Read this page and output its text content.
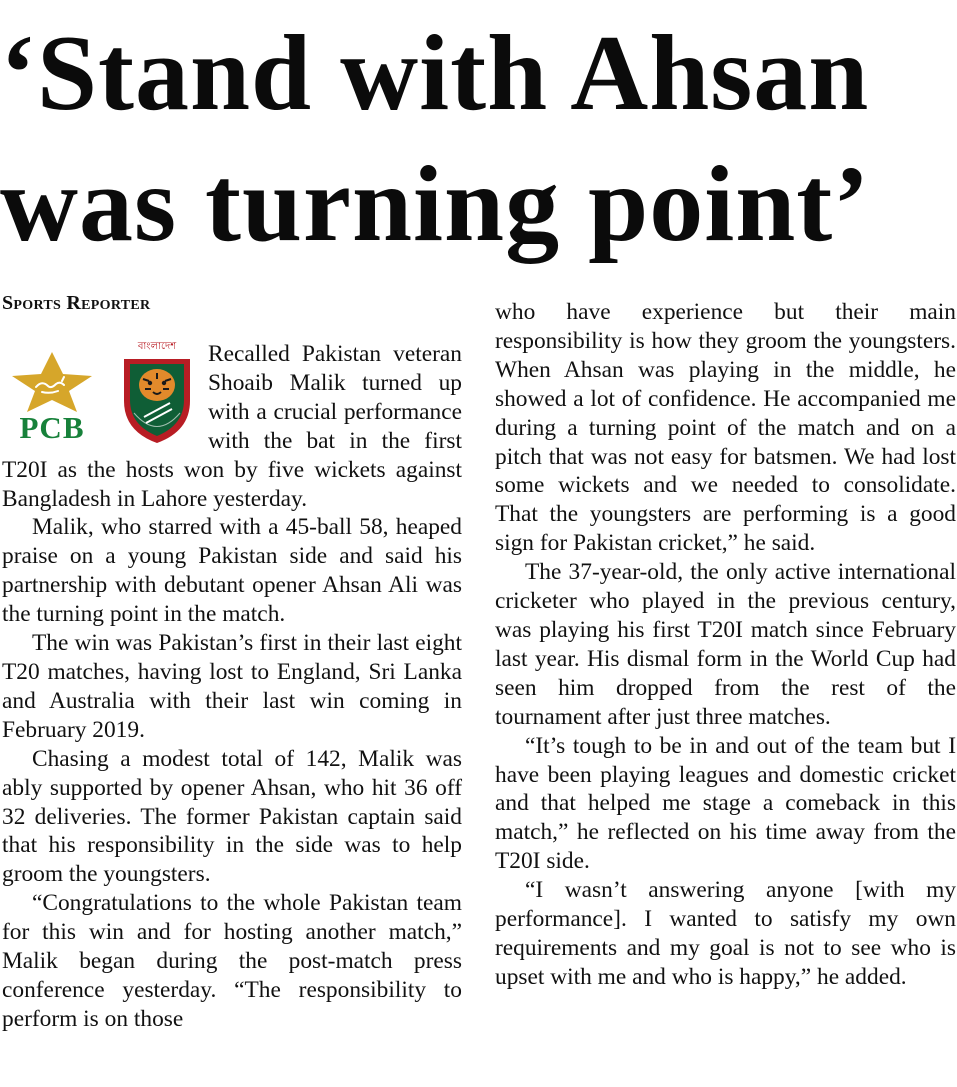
‘Stand with Ahsan
was turning point’
Sports Reporter
PCB
বাংলাদেশ	Recalled Pakistan veteran Shoaib Malik turned up with a crucial performance with the bat in the first T20I as the hosts won by five wickets against Bangladesh in Lahore yesterday.

Malik, who starred with a 45-ball 58, heaped praise on a young Pakistan side and said his partnership with debutant opener Ahsan Ali was the turning point in the match.

The win was Pakistan’s first in their last eight T20 matches, having lost to England, Sri Lanka and Australia with their last win coming in February 2019.

Chasing a modest total of 142, Malik was ably supported by opener Ahsan, who hit 36 off 32 deliveries. The former Pakistan captain said that his responsibility in the side was to help groom the youngsters.

“Congratulations to the whole Pakistan team for this win and for hosting another match,” Malik began during the post-match press conference yesterday. “The responsibility to perform is on those

who have experience but their main responsibility is how they groom the youngsters. When Ahsan was playing in the middle, he showed a lot of confidence. He accompanied me during a turning point of the match and on a pitch that was not easy for batsmen. We had lost some wickets and we needed to consolidate. That the youngsters are performing is a good sign for Pakistan cricket,” he said.

The 37-year-old, the only active international cricketer who played in the previous century, was playing his first T20I match since February last year. His dismal form in the World Cup had seen him dropped from the rest of the tournament after just three matches.

“It’s tough to be in and out of the team but I have been playing leagues and domestic cricket and that helped me stage a comeback in this match,” he reflected on his time away from the T20I side.

“I wasn’t answering anyone [with my performance]. I wanted to satisfy my own requirements and my goal is not to see who is upset with me and who is happy,” he added.
